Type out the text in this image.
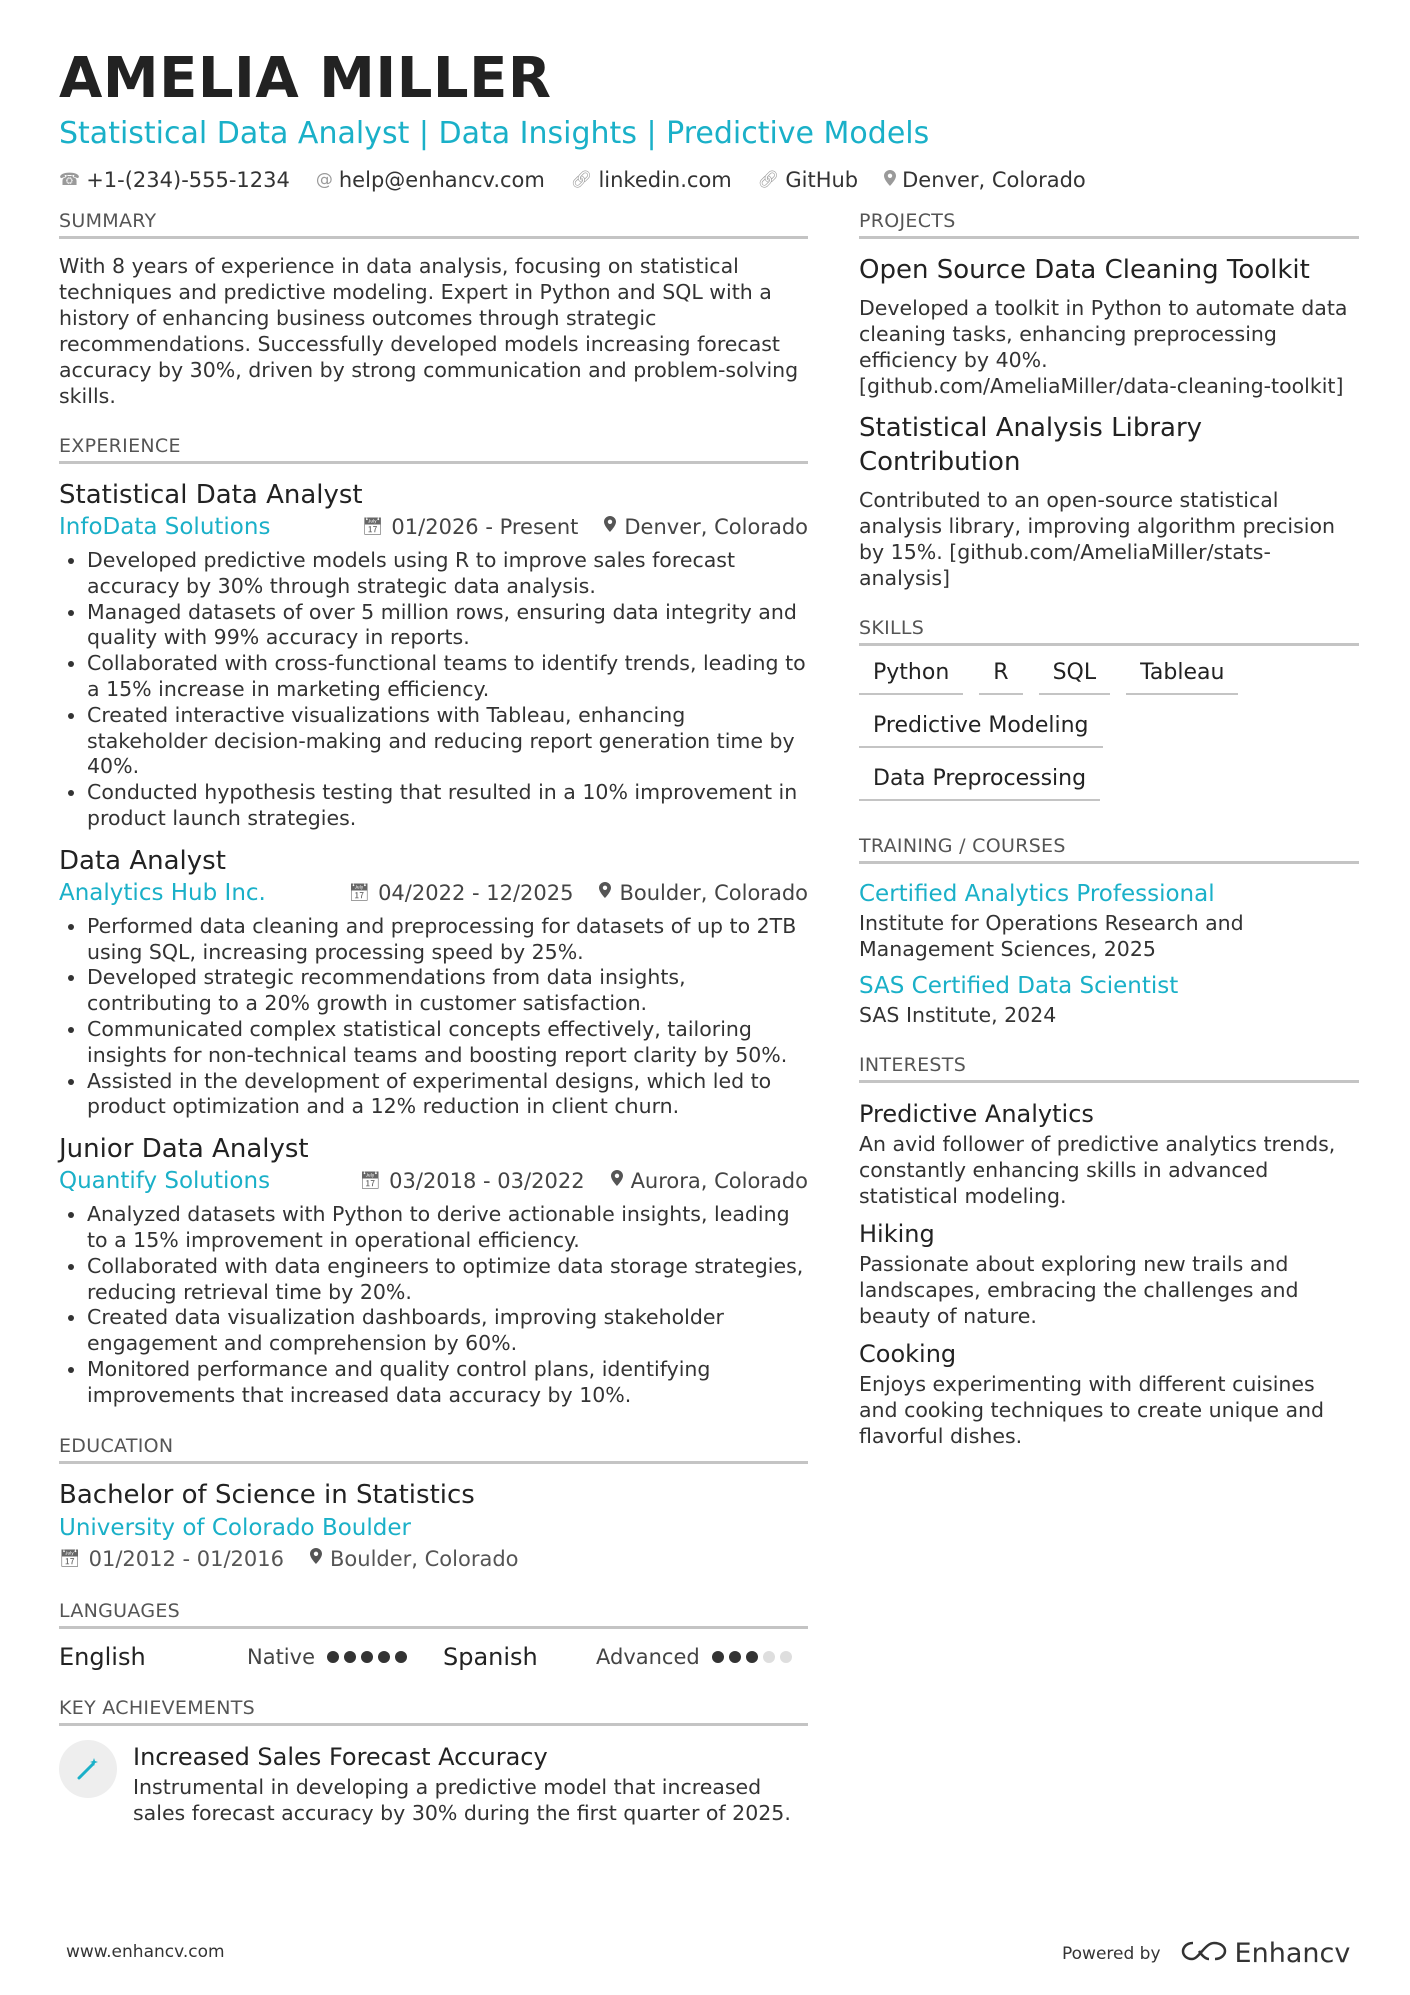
AMELIA MILLER
Statistical Data Analyst | Data Insights | Predictive Models
☎ +1-(234)-555-1234 @ help@enhancv.com 🔗︎ linkedin.com 🔗︎ GitHub Denver, Colorado
SUMMARY
With 8 years of experience in data analysis, focusing on statistical techniques and predictive modeling. Expert in Python and SQL with a history of enhancing business outcomes through strategic recommendations. Successfully developed models increasing forecast accuracy by 30%, driven by strong communication and problem-solving skills.
EXPERIENCE
Statistical Data Analyst
InfoData Solutions	📅︎ 01/2026 - Present Denver, Colorado
• Developed predictive models using R to improve sales forecast accuracy by 30% through strategic data analysis.
• Managed datasets of over 5 million rows, ensuring data integrity and quality with 99% accuracy in reports.
• Collaborated with cross-functional teams to identify trends, leading to a 15% increase in marketing efficiency.
• Created interactive visualizations with Tableau, enhancing stakeholder decision-making and reducing report generation time by 40%.
• Conducted hypothesis testing that resulted in a 10% improvement in product launch strategies.
Data Analyst
Analytics Hub Inc.	📅︎ 04/2022 - 12/2025 Boulder, Colorado
• Performed data cleaning and preprocessing for datasets of up to 2TB using SQL, increasing processing speed by 25%.
• Developed strategic recommendations from data insights, contributing to a 20% growth in customer satisfaction.
• Communicated complex statistical concepts effectively, tailoring insights for non-technical teams and boosting report clarity by 50%.
• Assisted in the development of experimental designs, which led to product optimization and a 12% reduction in client churn.
Junior Data Analyst
Quantify Solutions	📅︎ 03/2018 - 03/2022 Aurora, Colorado
• Analyzed datasets with Python to derive actionable insights, leading to a 15% improvement in operational efficiency.
• Collaborated with data engineers to optimize data storage strategies, reducing retrieval time by 20%.
• Created data visualization dashboards, improving stakeholder engagement and comprehension by 60%.
• Monitored performance and quality control plans, identifying improvements that increased data accuracy by 10%.
EDUCATION
Bachelor of Science in Statistics
University of Colorado Boulder
📅︎ 01/2012 - 01/2016 Boulder, Colorado
LANGUAGES
English	Native	Spanish	Advanced
KEY ACHIEVEMENTS
Increased Sales Forecast Accuracy
Instrumental in developing a predictive model that increased sales forecast accuracy by 30% during the first quarter of 2025.
PROJECTS
Open Source Data Cleaning Toolkit
Developed a toolkit in Python to automate data cleaning tasks, enhancing preprocessing efficiency by 40%. [github.com/AmeliaMiller/data-cleaning-toolkit]
Statistical Analysis Library Contribution
Contributed to an open-source statistical analysis library, improving algorithm precision by 15%. [github.com/AmeliaMiller/stats-analysis]
SKILLS
Python	R	SQL	Tableau
Predictive Modeling
Data Preprocessing
TRAINING / COURSES
Certified Analytics Professional
Institute for Operations Research and Management Sciences, 2025
SAS Certified Data Scientist
SAS Institute, 2024
INTERESTS
Predictive Analytics
An avid follower of predictive analytics trends, constantly enhancing skills in advanced statistical modeling.
Hiking
Passionate about exploring new trails and landscapes, embracing the challenges and beauty of nature.
Cooking
Enjoys experimenting with different cuisines and cooking techniques to create unique and flavorful dishes.
www.enhancv.com	Powered by	Enhancv
